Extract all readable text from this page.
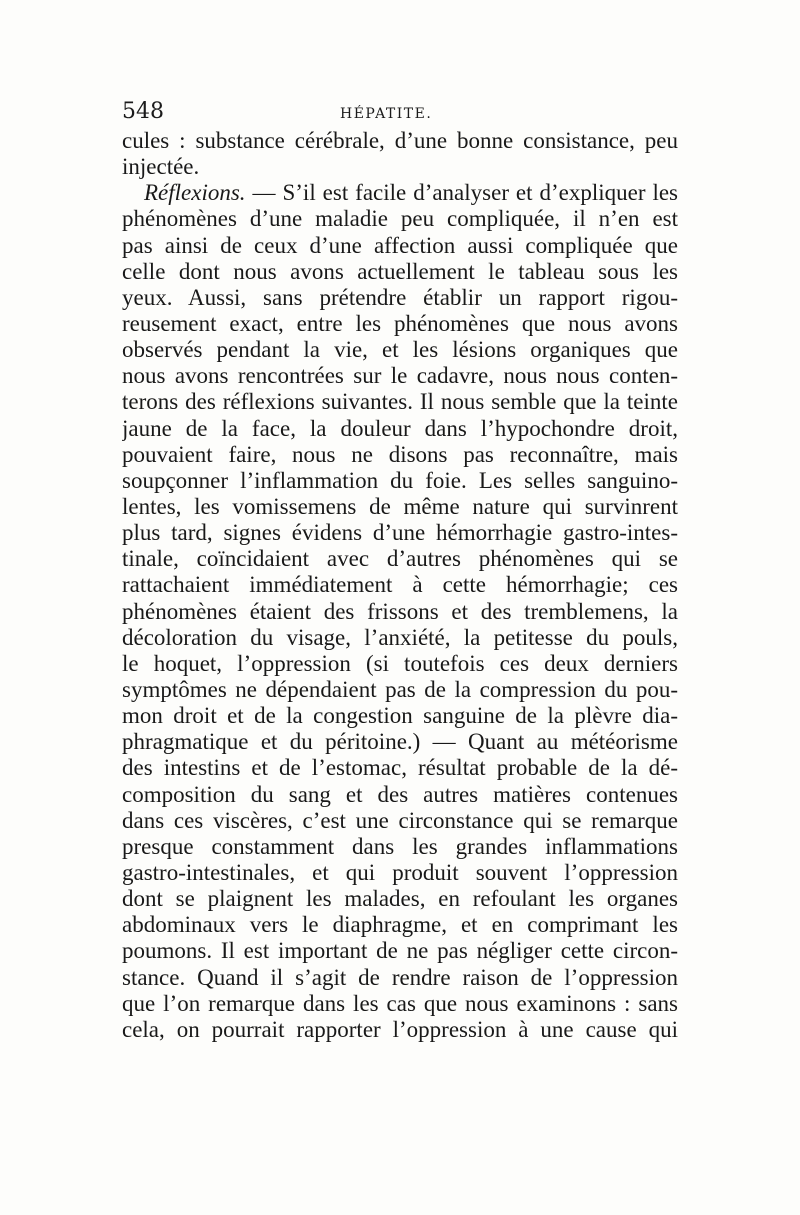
548	HÉPATITE.
cules : substance cérébrale, d’une bonne consistance, peu
injectée.
Réflexions. — S’il est facile d’analyser et d’expliquer les
phénomènes d’une maladie peu compliquée, il n’en est
pas ainsi de ceux d’une affection aussi compliquée que
celle dont nous avons actuellement le tableau sous les
yeux. Aussi, sans prétendre établir un rapport rigou-
reusement exact, entre les phénomènes que nous avons
observés pendant la vie, et les lésions organiques que
nous avons rencontrées sur le cadavre, nous nous conten-
terons des réflexions suivantes. Il nous semble que la teinte
jaune de la face, la douleur dans l’hypochondre droit,
pouvaient faire, nous ne disons pas reconnaître, mais
soupçonner l’inflammation du foie. Les selles sanguino-
lentes, les vomissemens de même nature qui survinrent
plus tard, signes évidens d’une hémorrhagie gastro-intes-
tinale, coïncidaient avec d’autres phénomènes qui se
rattachaient immédiatement à cette hémorrhagie; ces
phénomènes étaient des frissons et des tremblemens, la
décoloration du visage, l’anxiété, la petitesse du pouls,
le hoquet, l’oppression (si toutefois ces deux derniers
symptômes ne dépendaient pas de la compression du pou-
mon droit et de la congestion sanguine de la plèvre dia-
phragmatique et du péritoine.) — Quant au météorisme
des intestins et de l’estomac, résultat probable de la dé-
composition du sang et des autres matières contenues
dans ces viscères, c’est une circonstance qui se remarque
presque constamment dans les grandes inflammations
gastro-intestinales, et qui produit souvent l’oppression
dont se plaignent les malades, en refoulant les organes
abdominaux vers le diaphragme, et en comprimant les
poumons. Il est important de ne pas négliger cette circon-
stance. Quand il s’agit de rendre raison de l’oppression
que l’on remarque dans les cas que nous examinons : sans
cela, on pourrait rapporter l’oppression à une cause qui
